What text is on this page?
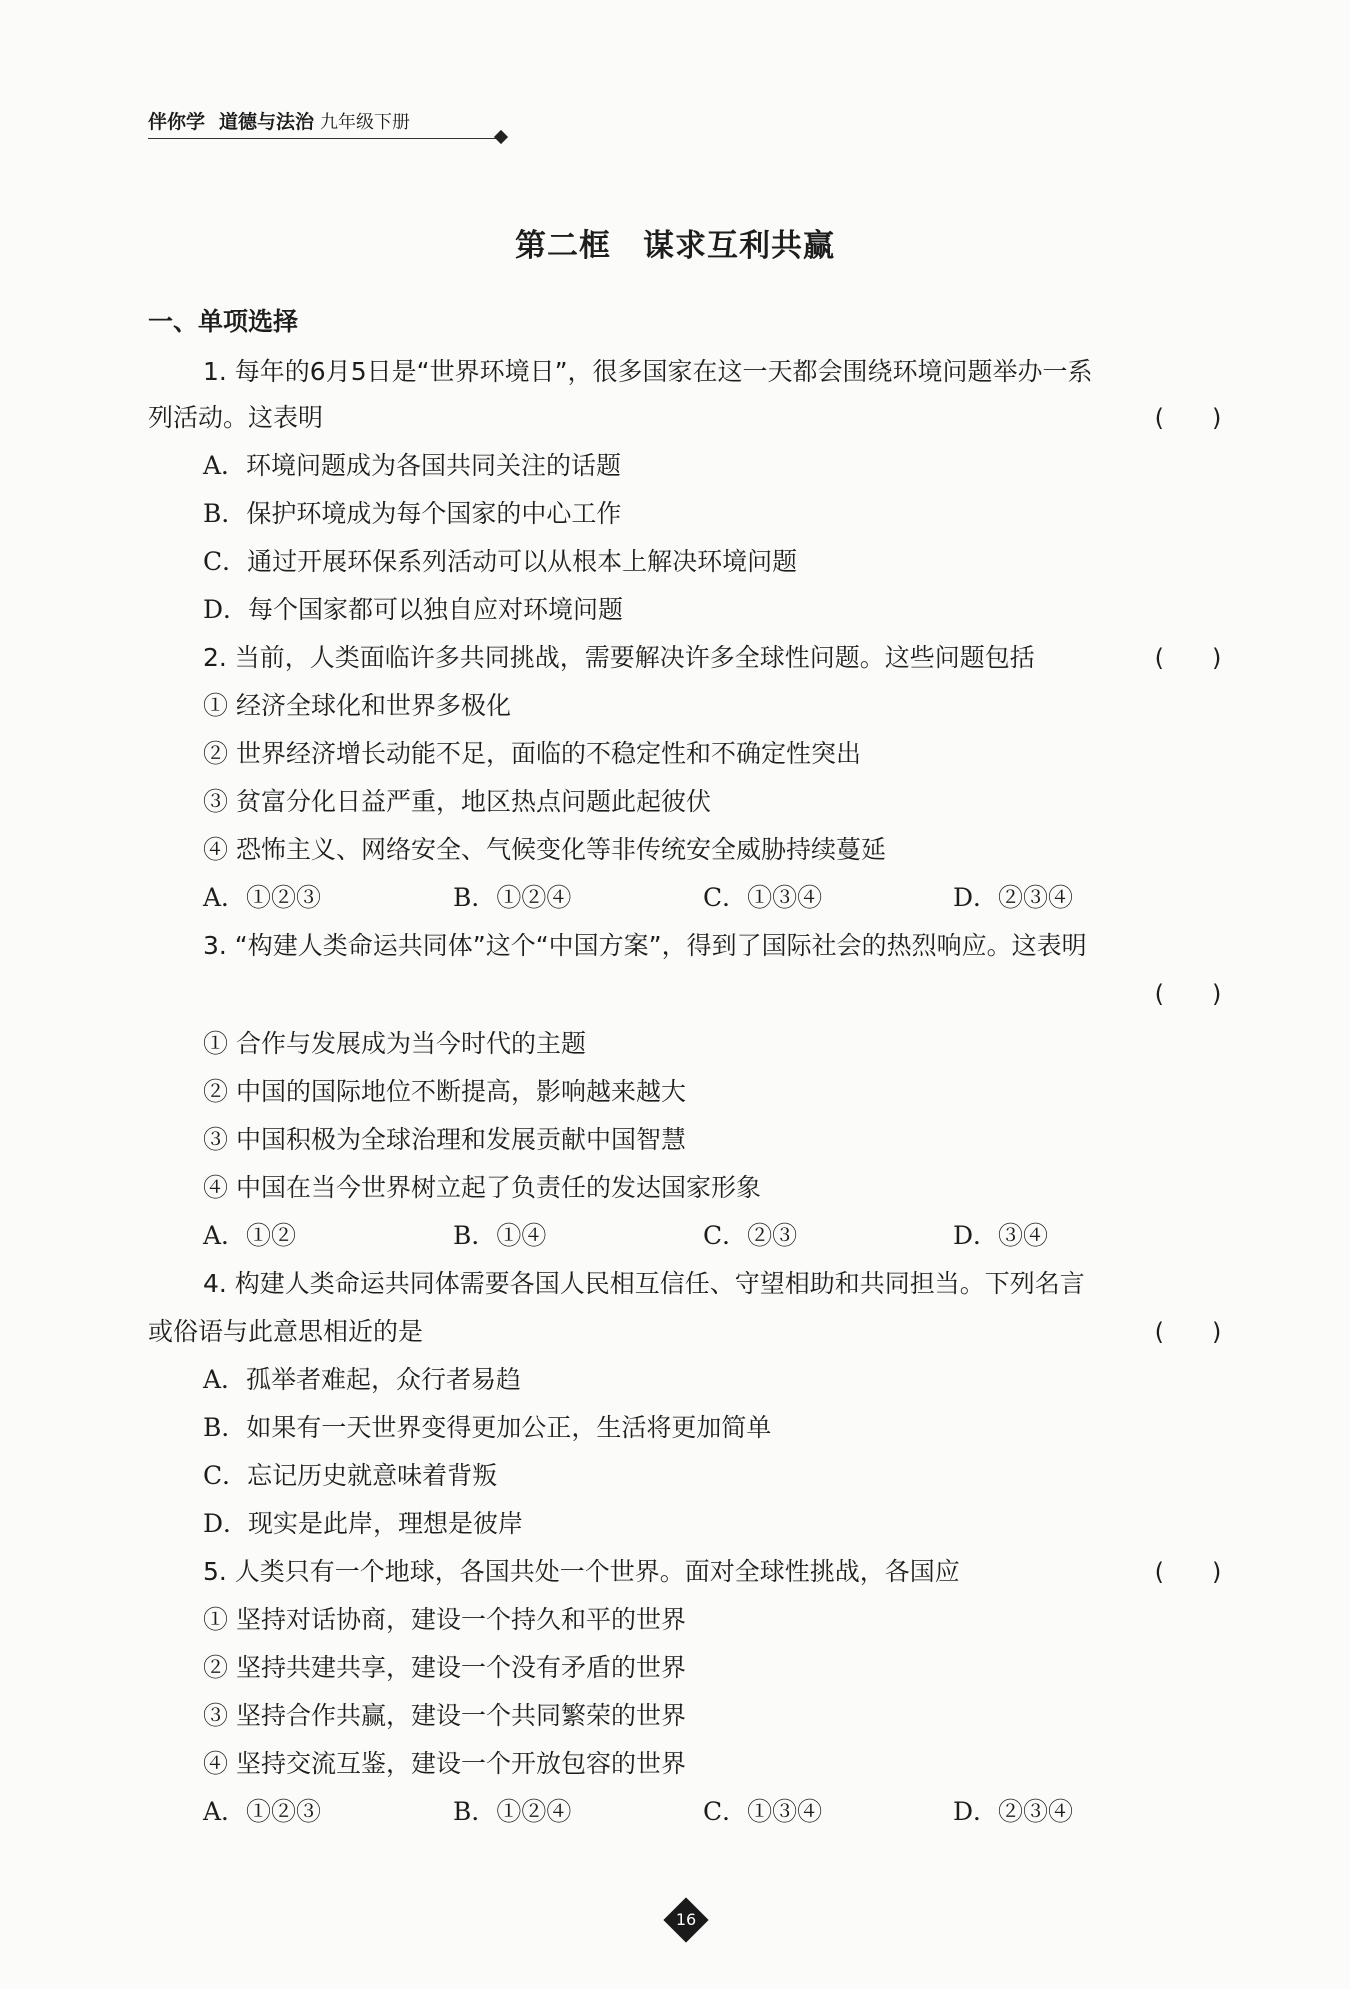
伴你学 道德与法治 九年级下册
第二框　谋求互利共赢
一、单项选择
1. 每年的6月5日是“世界环境日”，很多国家在这一天都会围绕环境问题举办一系
列活动。这表明	(　　)
A．环境问题成为各国共同关注的话题
B．保护环境成为每个国家的中心工作
C．通过开展环保系列活动可以从根本上解决环境问题
D．每个国家都可以独自应对环境问题
2. 当前，人类面临许多共同挑战，需要解决许多全球性问题。这些问题包括	(　　)
① 经济全球化和世界多极化
② 世界经济增长动能不足，面临的不稳定性和不确定性突出
③ 贫富分化日益严重，地区热点问题此起彼伏
④ 恐怖主义、网络安全、气候变化等非传统安全威胁持续蔓延
A．①②③	B．①②④	C．①③④	D．②③④
3. “构建人类命运共同体”这个“中国方案”，得到了国际社会的热烈响应。这表明
(　　)
① 合作与发展成为当今时代的主题
② 中国的国际地位不断提高，影响越来越大
③ 中国积极为全球治理和发展贡献中国智慧
④ 中国在当今世界树立起了负责任的发达国家形象
A．①②	B．①④	C．②③	D．③④
4. 构建人类命运共同体需要各国人民相互信任、守望相助和共同担当。下列名言
或俗语与此意思相近的是	(　　)
A．孤举者难起，众行者易趋
B．如果有一天世界变得更加公正，生活将更加简单
C．忘记历史就意味着背叛
D．现实是此岸，理想是彼岸
5. 人类只有一个地球，各国共处一个世界。面对全球性挑战，各国应	(　　)
① 坚持对话协商，建设一个持久和平的世界
② 坚持共建共享，建设一个没有矛盾的世界
③ 坚持合作共赢，建设一个共同繁荣的世界
④ 坚持交流互鉴，建设一个开放包容的世界
A．①②③	B．①②④	C．①③④	D．②③④
16
